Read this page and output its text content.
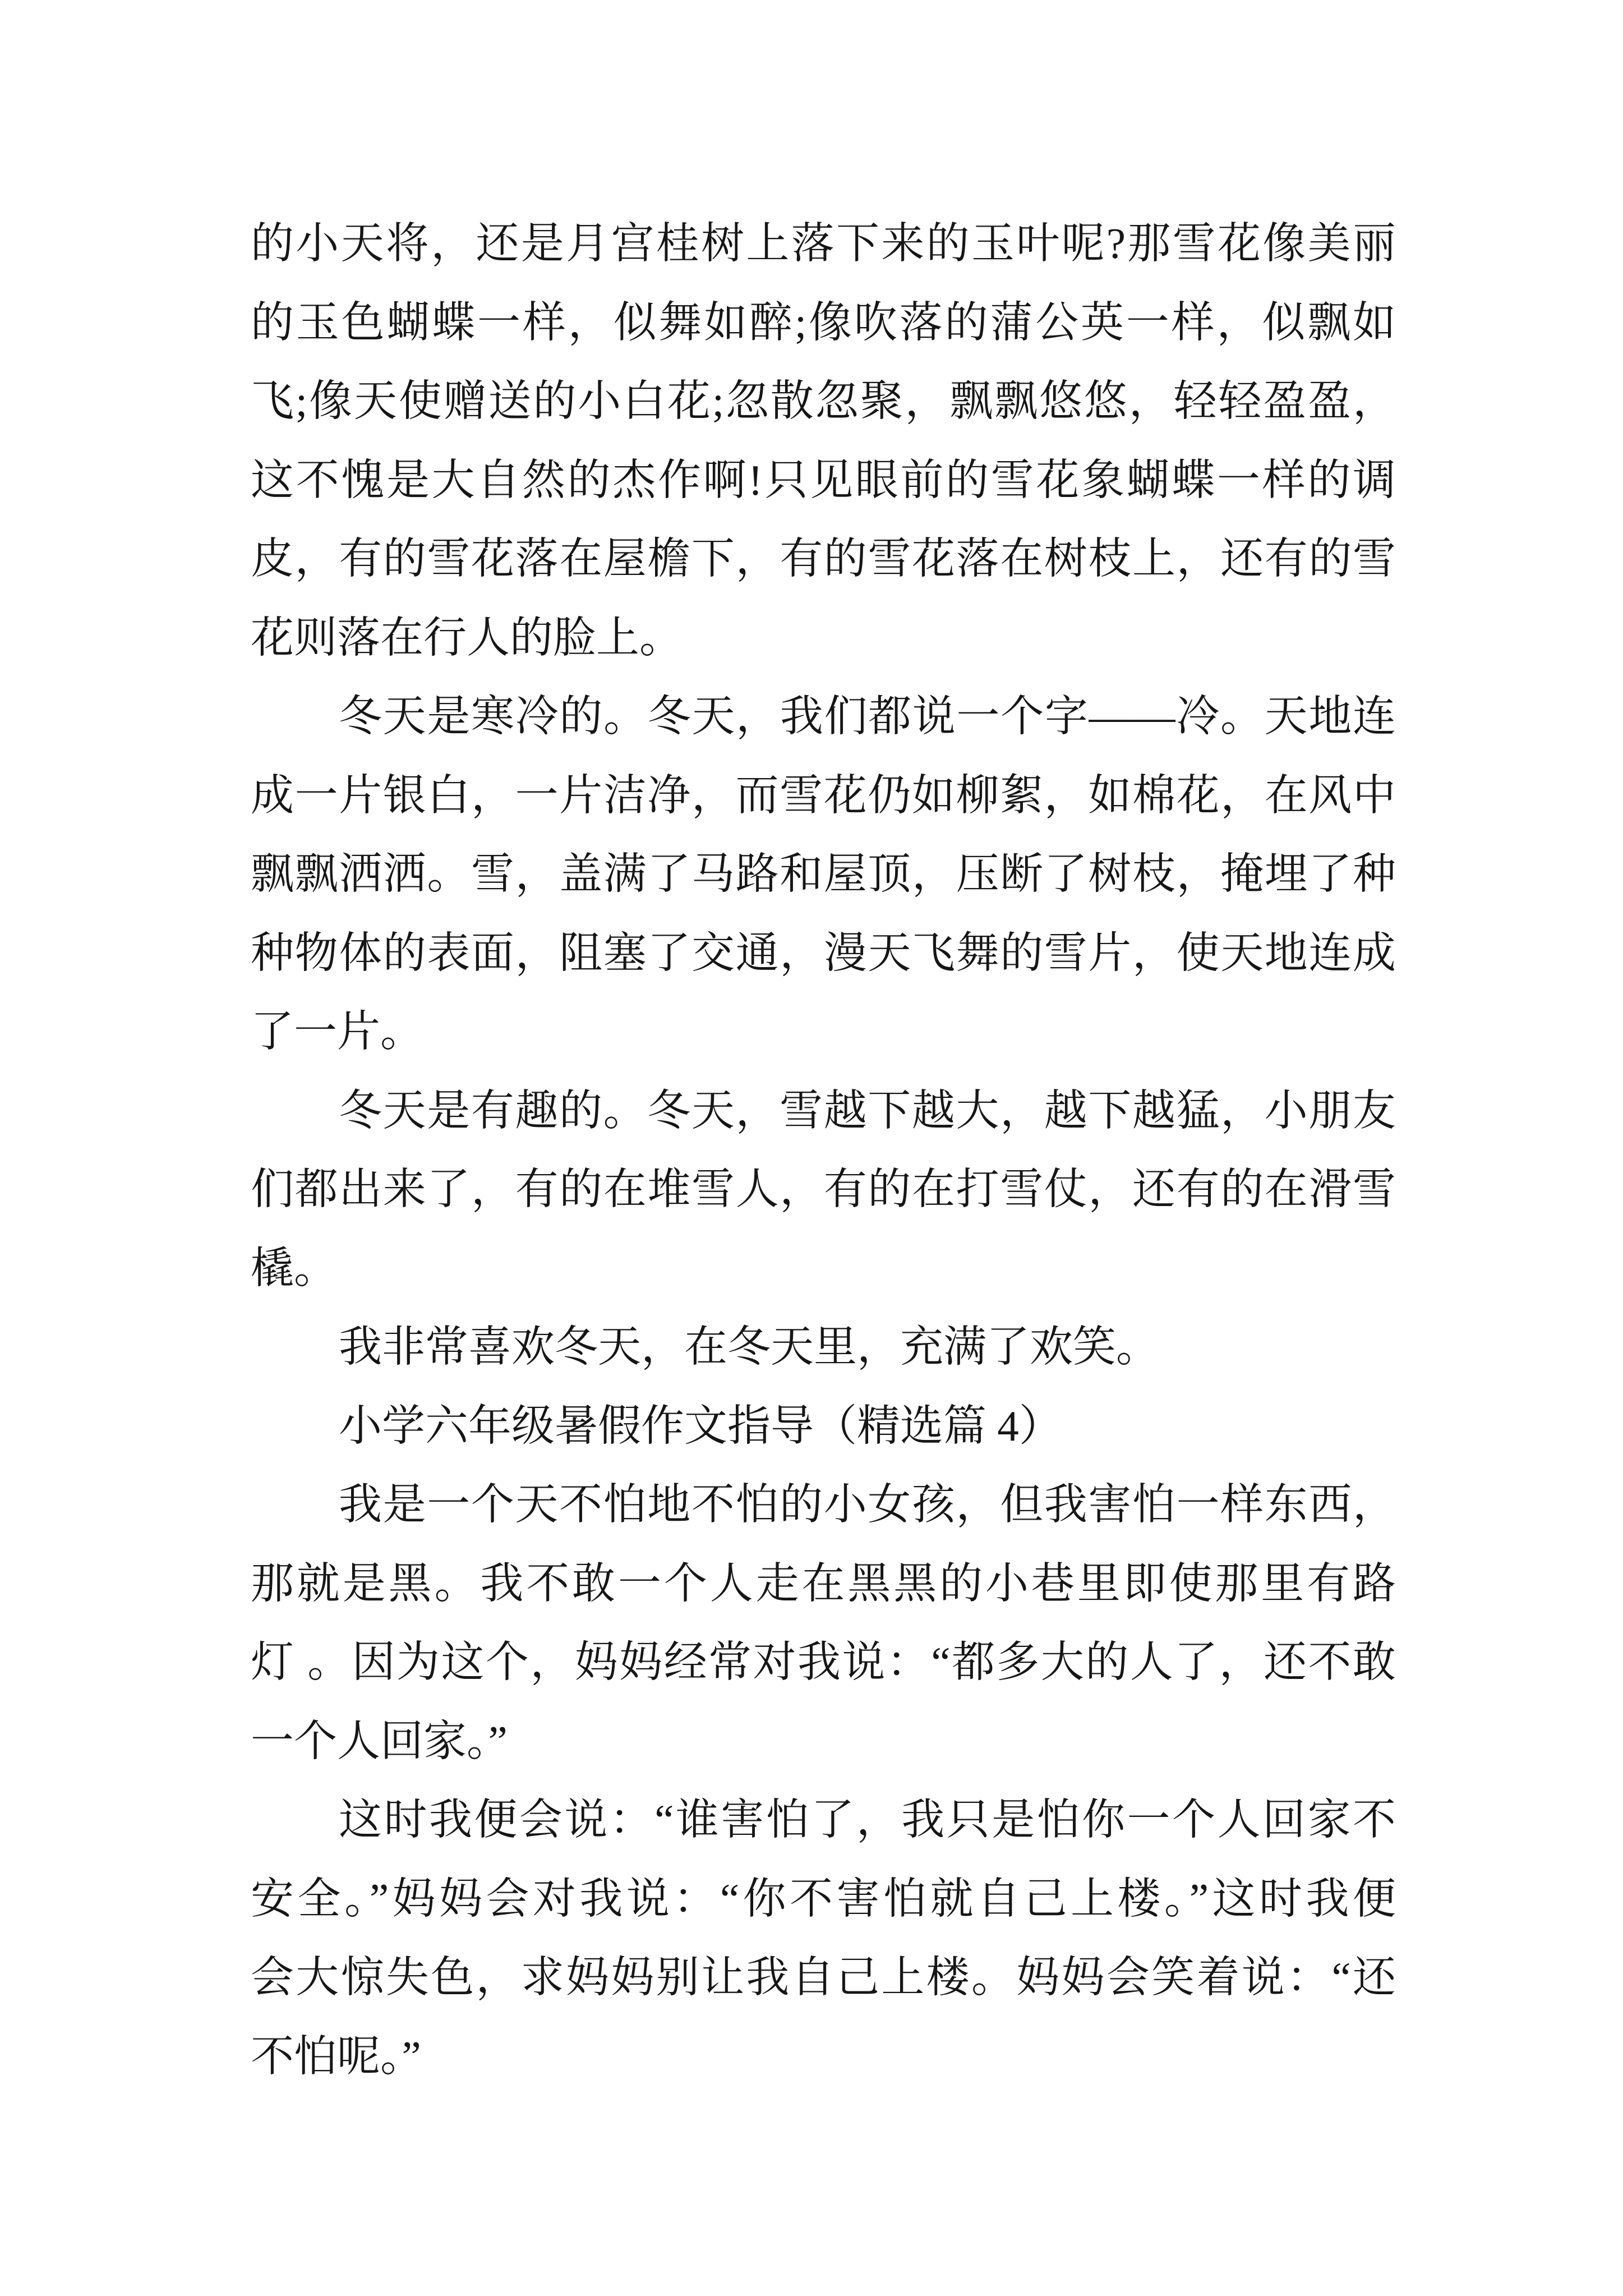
的小天将，还是月宫桂树上落下来的玉叶呢?那雪花像美丽
的玉色蝴蝶一样，似舞如醉;像吹落的蒲公英一样，似飘如
飞;像天使赠送的小白花;忽散忽聚，飘飘悠悠，轻轻盈盈，
这不愧是大自然的杰作啊!只见眼前的雪花象蝴蝶一样的调
皮，有的雪花落在屋檐下，有的雪花落在树枝上，还有的雪
花则落在行人的脸上。
冬天是寒冷的。冬天，我们都说一个字——冷。天地连
成一片银白，一片洁净，而雪花仍如柳絮，如棉花，在风中
飘飘洒洒。雪，盖满了马路和屋顶，压断了树枝，掩埋了种
种物体的表面，阻塞了交通，漫天飞舞的雪片，使天地连成
了一片。
冬天是有趣的。冬天，雪越下越大，越下越猛，小朋友
们都出来了，有的在堆雪人，有的在打雪仗，还有的在滑雪
橇。
我非常喜欢冬天，在冬天里，充满了欢笑。
小学六年级暑假作文指导（精选篇 4）
我是一个天不怕地不怕的小女孩，但我害怕一样东西，
那就是黑。我不敢一个人走在黑黑的小巷里即使那里有路
灯 。因为这个，妈妈经常对我说：“都多大的人了，还不敢
一个人回家。”
这时我便会说：“谁害怕了，我只是怕你一个人回家不
安全。”妈妈会对我说：“你不害怕就自己上楼。”这时我便
会大惊失色，求妈妈别让我自己上楼。妈妈会笑着说：“还
不怕呢。”
